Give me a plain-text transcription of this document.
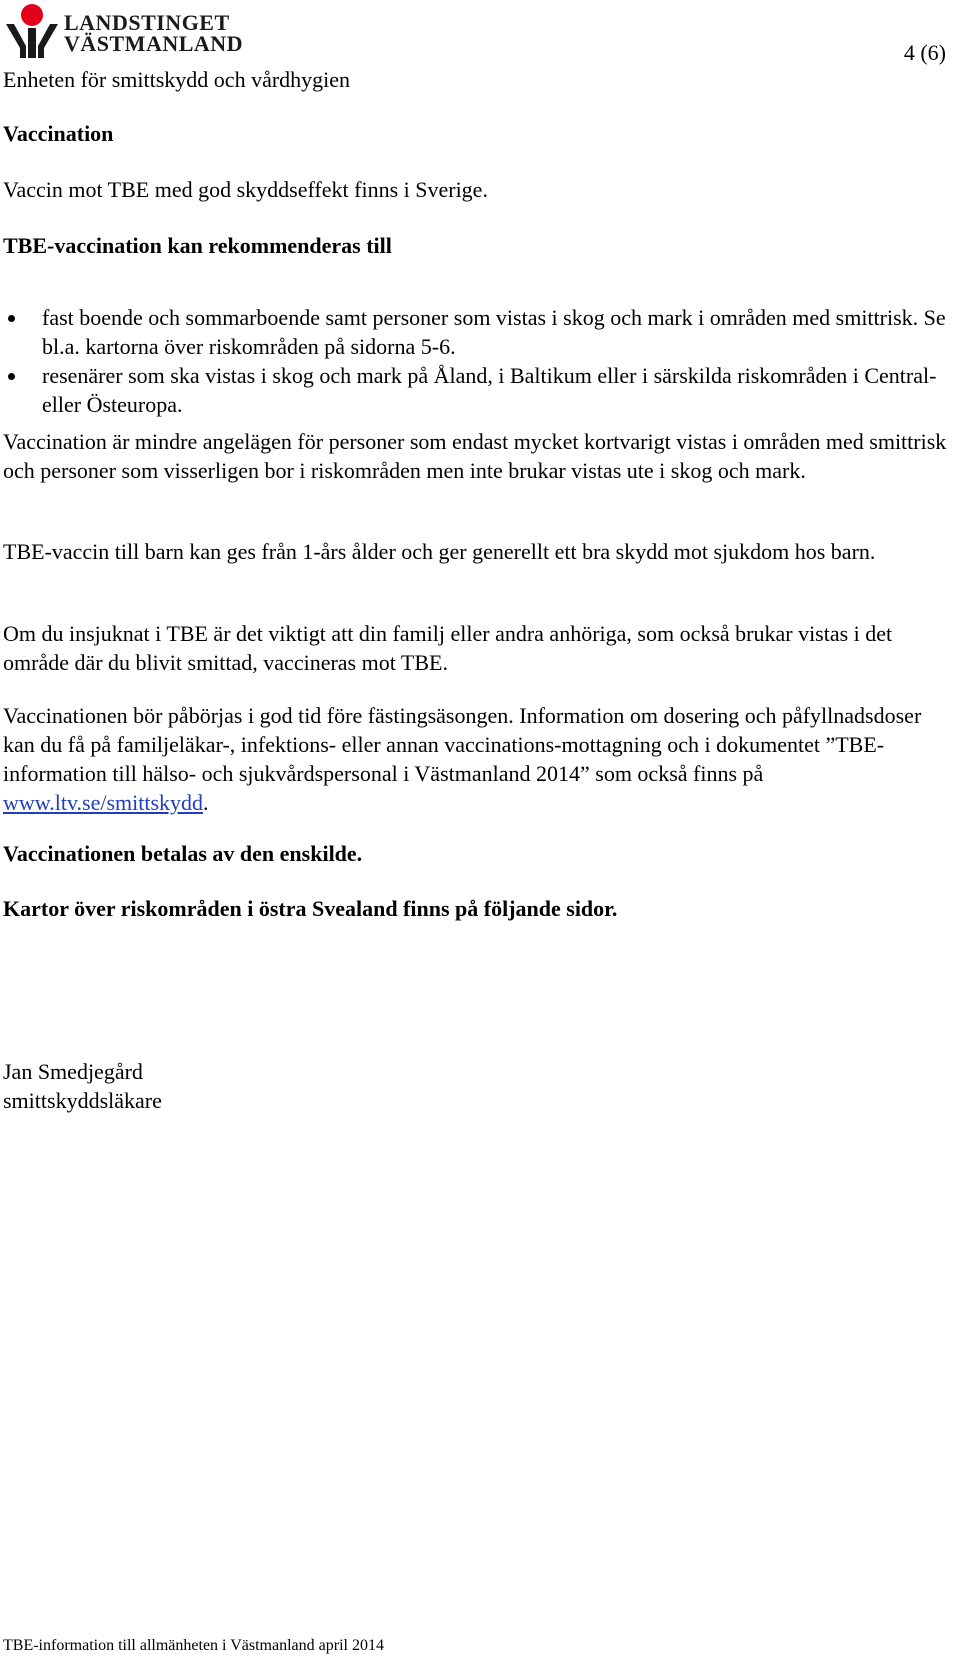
LANDSTINGET
VÄSTMANLAND	4 (6)
Enheten för smittskydd och vårdhygien
Vaccination
Vaccin mot TBE med god skyddseffekt finns i Sverige.
TBE-vaccination kan rekommenderas till
fast boende och sommarboende samt personer som vistas i skog och mark i områden med smittrisk. Se bl.a. kartorna över riskområden på sidorna 5-6.
resenärer som ska vistas i skog och mark på Åland, i Baltikum eller i särskilda riskområden i Central- eller Östeuropa.
Vaccination är mindre angelägen för personer som endast mycket kortvarigt vistas i områden med smittrisk och personer som visserligen bor i riskområden men inte brukar vistas ute i skog och mark.
TBE-vaccin till barn kan ges från 1-års ålder och ger generellt ett bra skydd mot sjukdom hos barn.
Om du insjuknat i TBE är det viktigt att din familj eller andra anhöriga, som också brukar vistas i det område där du blivit smittad, vaccineras mot TBE.
Vaccinationen bör påbörjas i god tid före fästingsäsongen. Information om dosering och påfyllnadsdoser kan du få på familjeläkar-, infektions- eller annan vaccinations-mottagning och i dokumentet ”TBE-information till hälso- och sjukvårdspersonal i Västmanland 2014” som också finns på www.ltv.se/smittskydd.
Vaccinationen betalas av den enskilde.
Kartor över riskområden i östra Svealand finns på följande sidor.
Jan Smedjegård
smittskyddsläkare
TBE-information till allmänheten i Västmanland april 2014
